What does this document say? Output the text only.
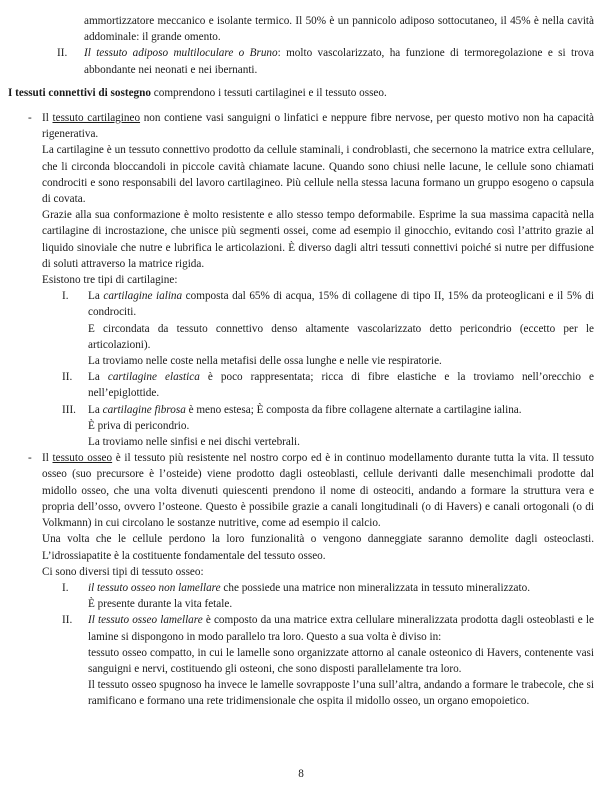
ammortizzatore meccanico e isolante termico. Il 50% è un pannicolo adiposo sottocutaneo, il 45% è nella cavità addominale: il grande omento.

II.	Il tessuto adiposo multiloculare o Bruno: molto vascolarizzato, ha funzione di termoregolazione e si trova abbondante nei neonati e nei ibernanti.

I tessuti connettivi di sostegno comprendono i tessuti cartilaginei e il tessuto osseo.

- Il tessuto cartilagineo non contiene vasi sanguigni o linfatici e neppure fibre nervose, per questo motivo non ha capacità rigenerativa.

La cartilagine è un tessuto connettivo prodotto da cellule staminali, i condroblasti, che secernono la matrice extra cellulare, che li circonda bloccandoli in piccole cavità chiamate lacune. Quando sono chiusi nelle lacune, le cellule sono chiamati condrociti e sono responsabili del lavoro cartilagineo. Più cellule nella stessa lacuna formano un gruppo esogeno o capsula di covata.

Grazie alla sua conformazione è molto resistente e allo stesso tempo deformabile. Esprime la sua massima capacità nella cartilagine di incrostazione, che unisce più segmenti ossei, come ad esempio il ginocchio, evitando così l’attrito grazie al liquido sinoviale che nutre e lubrifica le articolazioni. È diverso dagli altri tessuti connettivi poiché si nutre per diffusione di soluti attraverso la matrice rigida.

Esistono tre tipi di cartilagine:

I.	La cartilagine ialina composta dal 65% di acqua, 15% di collagene di tipo II, 15% da proteoglicani e il 5% di condrociti.

E circondata da tessuto connettivo denso altamente vascolarizzato detto pericondrio (eccetto per le articolazioni).

La troviamo nelle coste nella metafisi delle ossa lunghe e nelle vie respiratorie.

II.	La cartilagine elastica è poco rappresentata; ricca di fibre elastiche e la troviamo nell’orecchio e nell’epiglottide.

III.	La cartilagine fibrosa è meno estesa; È composta da fibre collagene alternate a cartilagine ialina.

È priva di pericondrio.

La troviamo nelle sinfisi e nei dischi vertebrali.

- Il tessuto osseo è il tessuto più resistente nel nostro corpo ed è in continuo modellamento durante tutta la vita. Il tessuto osseo (suo precursore è l’osteide) viene prodotto dagli osteoblasti, cellule derivanti dalle mesenchimali prodotte dal midollo osseo, che una volta divenuti quiescenti prendono il nome di osteociti, andando a formare la struttura vera e propria dell’osso, ovvero l’osteone. Questo è possibile grazie a canali longitudinali (o di Havers) e canali ortogonali (o di Volkmann) in cui circolano le sostanze nutritive, come ad esempio il calcio.

Una volta che le cellule perdono la loro funzionalità o vengono danneggiate saranno demolite dagli osteoclasti. L’idrossiapatite è la costituente fondamentale del tessuto osseo.

Ci sono diversi tipi di tessuto osseo:

I.	il tessuto osseo non lamellare che possiede una matrice non mineralizzata in tessuto mineralizzato.

È presente durante la vita fetale.

II.	Il tessuto osseo lamellare è composto da una matrice extra cellulare mineralizzata prodotta dagli osteoblasti e le lamine si dispongono in modo parallelo tra loro. Questo a sua volta è diviso in:

tessuto osseo compatto, in cui le lamelle sono organizzate attorno al canale osteonico di Havers, contenente vasi sanguigni e nervi, costituendo gli osteoni, che sono disposti parallelamente tra loro.

Il tessuto osseo spugnoso ha invece le lamelle sovrapposte l’una sull’altra, andando a formare le trabecole, che si ramificano e formano una rete tridimensionale che ospita il midollo osseo, un organo emopoietico.

8
